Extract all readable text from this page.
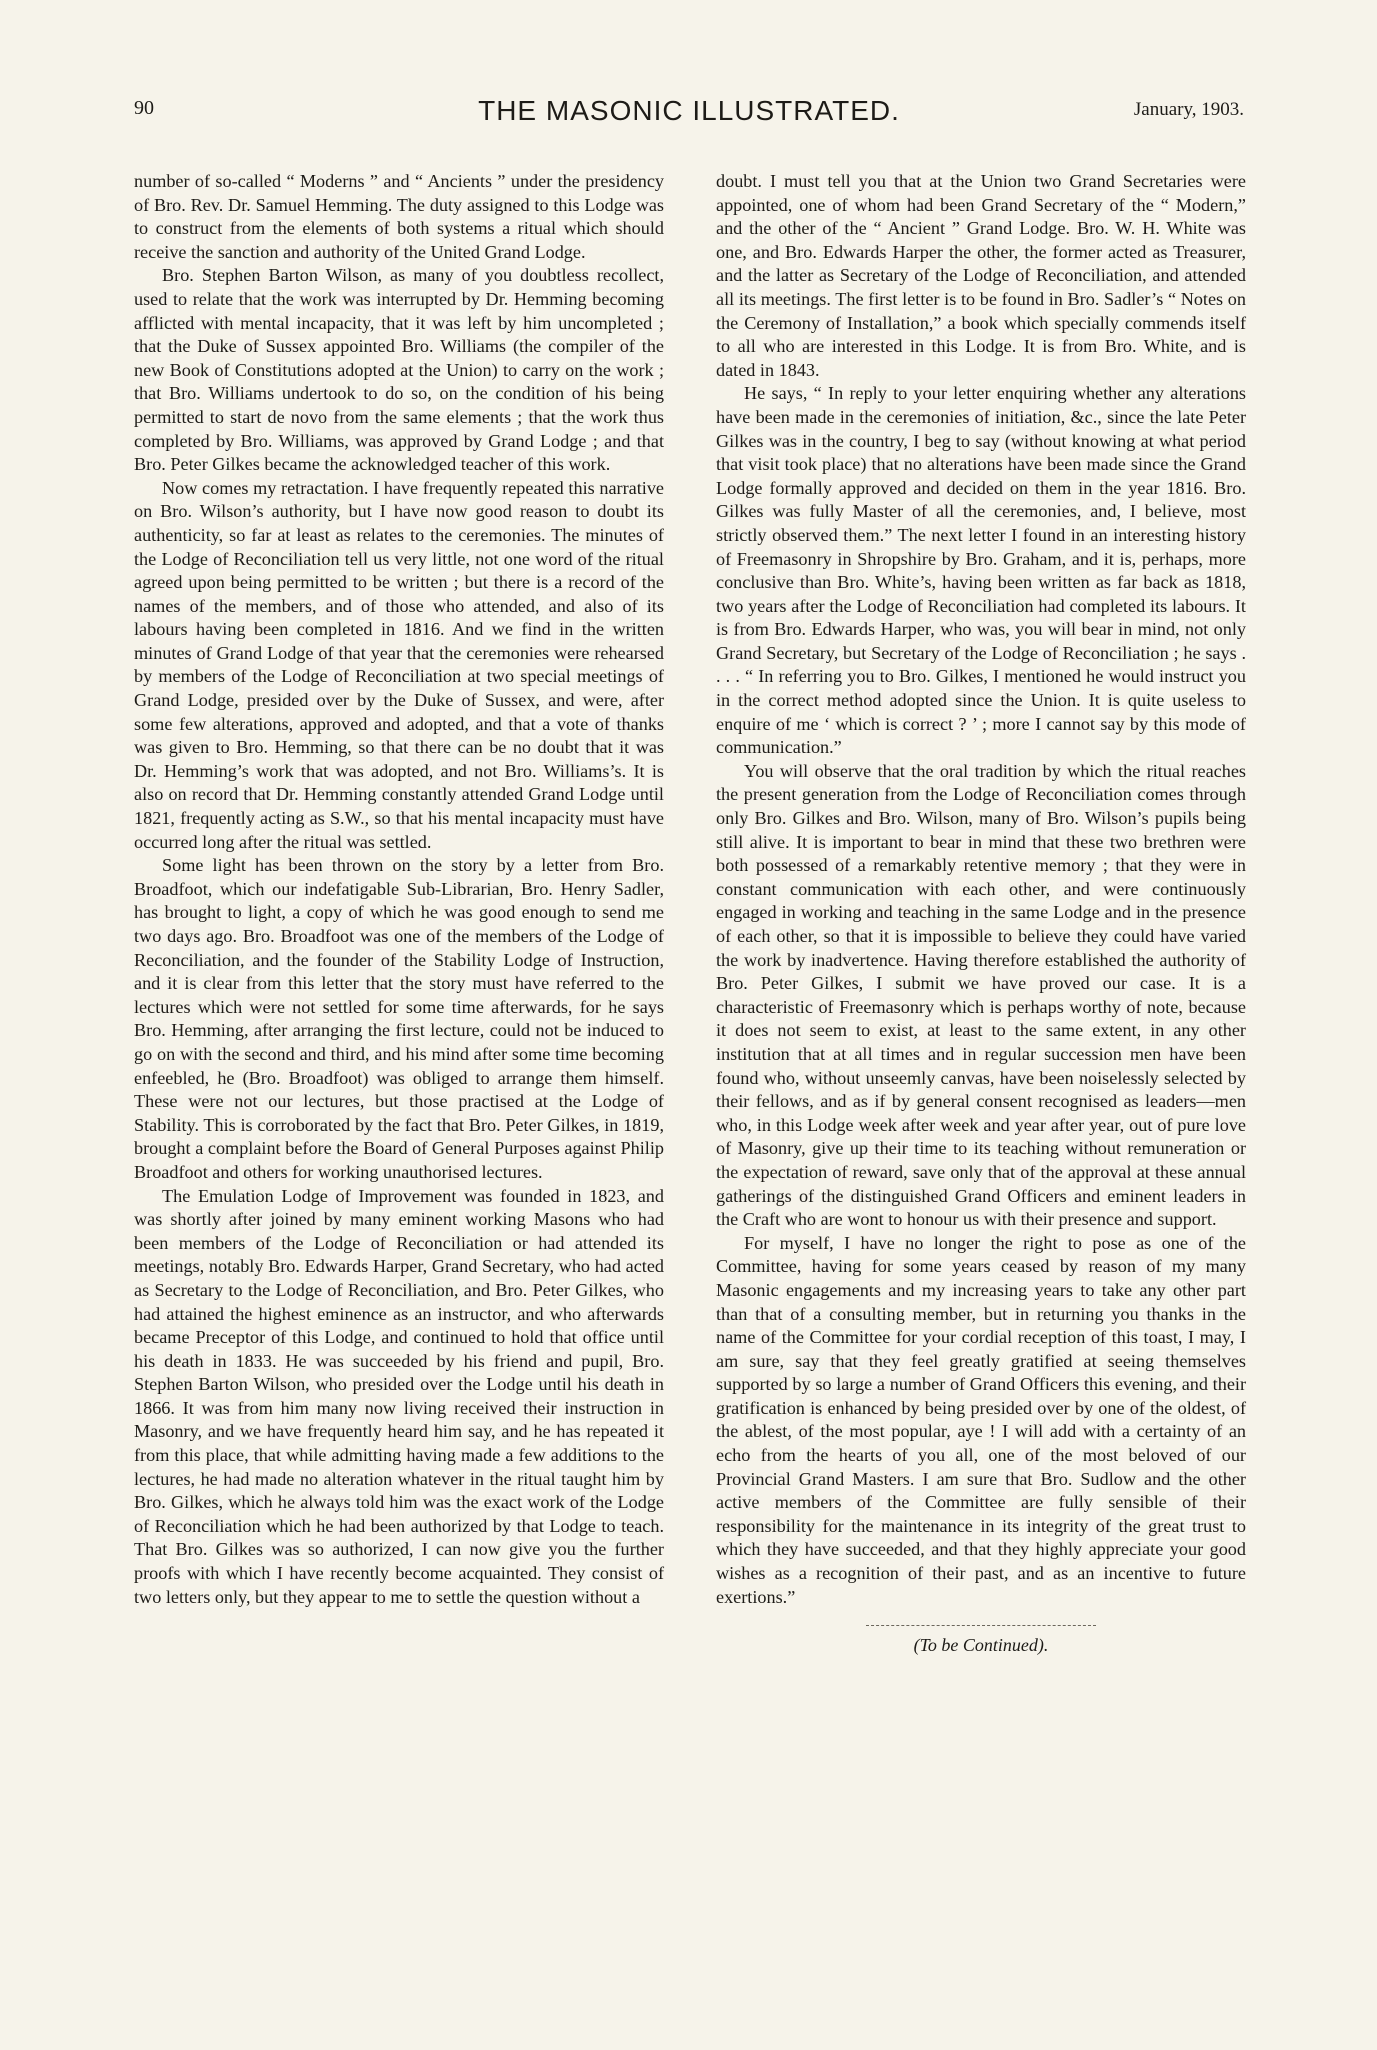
90	THE MASONIC ILLUSTRATED.	January, 1903.

number of so-called “ Moderns ” and “ Ancients ” under the presidency of Bro. Rev. Dr. Samuel Hemming. The duty assigned to this Lodge was to construct from the elements of both systems a ritual which should receive the sanction and authority of the United Grand Lodge.

Bro. Stephen Barton Wilson, as many of you doubtless recollect, used to relate that the work was interrupted by Dr. Hemming becoming afflicted with mental incapacity, that it was left by him uncompleted ; that the Duke of Sussex appointed Bro. Williams (the compiler of the new Book of Constitutions adopted at the Union) to carry on the work ; that Bro. Williams undertook to do so, on the condition of his being permitted to start de novo from the same elements ; that the work thus completed by Bro. Williams, was approved by Grand Lodge ; and that Bro. Peter Gilkes became the acknowledged teacher of this work.

Now comes my retractation. I have frequently repeated this narrative on Bro. Wilson’s authority, but I have now good reason to doubt its authenticity, so far at least as relates to the ceremonies. The minutes of the Lodge of Reconciliation tell us very little, not one word of the ritual agreed upon being permitted to be written ; but there is a record of the names of the members, and of those who attended, and also of its labours having been completed in 1816. And we find in the written minutes of Grand Lodge of that year that the ceremonies were rehearsed by members of the Lodge of Reconciliation at two special meetings of Grand Lodge, presided over by the Duke of Sussex, and were, after some few alterations, approved and adopted, and that a vote of thanks was given to Bro. Hemming, so that there can be no doubt that it was Dr. Hemming’s work that was adopted, and not Bro. Williams’s. It is also on record that Dr. Hemming constantly attended Grand Lodge until 1821, frequently acting as S.W., so that his mental incapacity must have occurred long after the ritual was settled.

Some light has been thrown on the story by a letter from Bro. Broadfoot, which our indefatigable Sub-Librarian, Bro. Henry Sadler, has brought to light, a copy of which he was good enough to send me two days ago. Bro. Broadfoot was one of the members of the Lodge of Reconciliation, and the founder of the Stability Lodge of Instruction, and it is clear from this letter that the story must have referred to the lectures which were not settled for some time afterwards, for he says Bro. Hemming, after arranging the first lecture, could not be induced to go on with the second and third, and his mind after some time becoming enfeebled, he (Bro. Broadfoot) was obliged to arrange them himself. These were not our lectures, but those practised at the Lodge of Stability. This is corroborated by the fact that Bro. Peter Gilkes, in 1819, brought a complaint before the Board of General Purposes against Philip Broadfoot and others for working unauthorised lectures.

The Emulation Lodge of Improvement was founded in 1823, and was shortly after joined by many eminent working Masons who had been members of the Lodge of Reconciliation or had attended its meetings, notably Bro. Edwards Harper, Grand Secretary, who had acted as Secretary to the Lodge of Reconciliation, and Bro. Peter Gilkes, who had attained the highest eminence as an instructor, and who afterwards became Preceptor of this Lodge, and continued to hold that office until his death in 1833. He was succeeded by his friend and pupil, Bro. Stephen Barton Wilson, who presided over the Lodge until his death in 1866. It was from him many now living received their instruction in Masonry, and we have frequently heard him say, and he has repeated it from this place, that while admitting having made a few additions to the lectures, he had made no alteration whatever in the ritual taught him by Bro. Gilkes, which he always told him was the exact work of the Lodge of Reconciliation which he had been authorized by that Lodge to teach. That Bro. Gilkes was so authorized, I can now give you the further proofs with which I have recently become acquainted. They consist of two letters only, but they appear to me to settle the question without a

doubt. I must tell you that at the Union two Grand Secretaries were appointed, one of whom had been Grand Secretary of the “ Modern,” and the other of the “ Ancient ” Grand Lodge. Bro. W. H. White was one, and Bro. Edwards Harper the other, the former acted as Treasurer, and the latter as Secretary of the Lodge of Reconciliation, and attended all its meetings. The first letter is to be found in Bro. Sadler’s “ Notes on the Ceremony of Installation,” a book which specially commends itself to all who are interested in this Lodge. It is from Bro. White, and is dated in 1843.

He says, “ In reply to your letter enquiring whether any alterations have been made in the ceremonies of initiation, &c., since the late Peter Gilkes was in the country, I beg to say (without knowing at what period that visit took place) that no alterations have been made since the Grand Lodge formally approved and decided on them in the year 1816. Bro. Gilkes was fully Master of all the ceremonies, and, I believe, most strictly observed them.” The next letter I found in an interesting history of Freemasonry in Shropshire by Bro. Graham, and it is, perhaps, more conclusive than Bro. White’s, having been written as far back as 1818, two years after the Lodge of Reconciliation had completed its labours. It is from Bro. Edwards Harper, who was, you will bear in mind, not only Grand Secretary, but Secretary of the Lodge of Reconciliation ; he says . . . . “ In referring you to Bro. Gilkes, I mentioned he would instruct you in the correct method adopted since the Union. It is quite useless to enquire of me ‘ which is correct ? ’ ; more I cannot say by this mode of communication.”

You will observe that the oral tradition by which the ritual reaches the present generation from the Lodge of Reconciliation comes through only Bro. Gilkes and Bro. Wilson, many of Bro. Wilson’s pupils being still alive. It is important to bear in mind that these two brethren were both possessed of a remarkably retentive memory ; that they were in constant communication with each other, and were continuously engaged in working and teaching in the same Lodge and in the presence of each other, so that it is impossible to believe they could have varied the work by inadvertence. Having therefore established the authority of Bro. Peter Gilkes, I submit we have proved our case. It is a characteristic of Freemasonry which is perhaps worthy of note, because it does not seem to exist, at least to the same extent, in any other institution that at all times and in regular succession men have been found who, without unseemly canvas, have been noiselessly selected by their fellows, and as if by general consent recognised as leaders—men who, in this Lodge week after week and year after year, out of pure love of Masonry, give up their time to its teaching without remuneration or the expectation of reward, save only that of the approval at these annual gatherings of the distinguished Grand Officers and eminent leaders in the Craft who are wont to honour us with their presence and support.

For myself, I have no longer the right to pose as one of the Committee, having for some years ceased by reason of my many Masonic engagements and my increasing years to take any other part than that of a consulting member, but in returning you thanks in the name of the Committee for your cordial reception of this toast, I may, I am sure, say that they feel greatly gratified at seeing themselves supported by so large a number of Grand Officers this evening, and their gratification is enhanced by being presided over by one of the oldest, of the ablest, of the most popular, aye ! I will add with a certainty of an echo from the hearts of you all, one of the most beloved of our Provincial Grand Masters. I am sure that Bro. Sudlow and the other active members of the Committee are fully sensible of their responsibility for the maintenance in its integrity of the great trust to which they have succeeded, and that they highly appreciate your good wishes as a recognition of their past, and as an incentive to future exertions.”

(To be Continued).
